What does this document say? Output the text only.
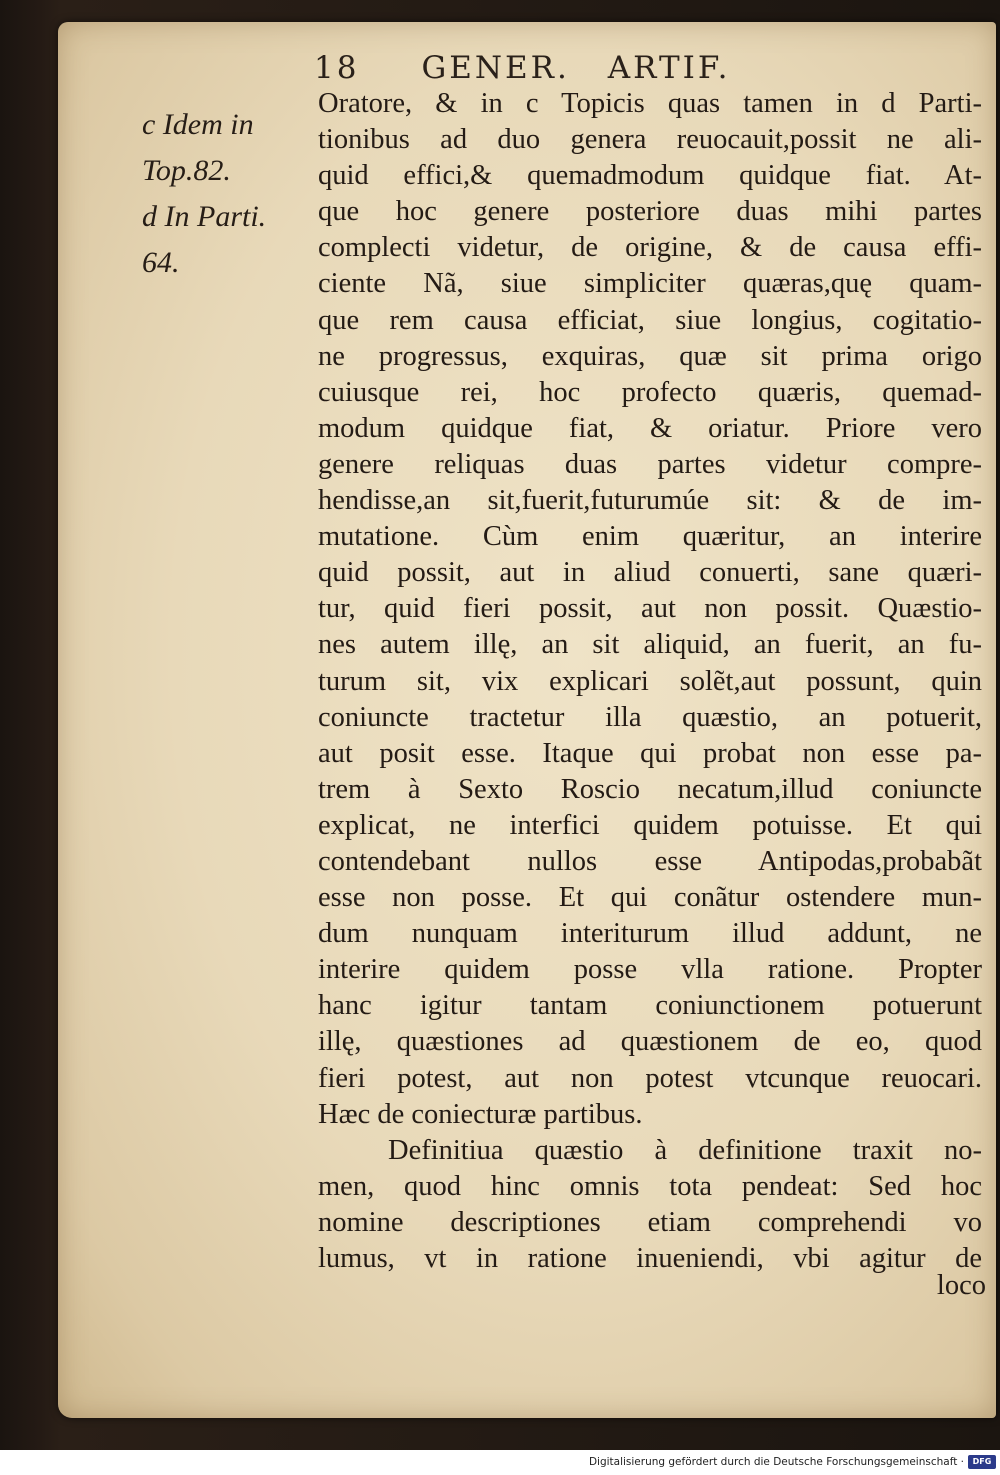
18 GENER. ARTIF.
c Idem in
Top.82.
d In Parti.
64.
Oratore, & in c Topicis quas tamen in d Parti-
tionibus ad duo genera reuocauit,possit ne ali-
quid effici,& quemadmodum quidque fiat. At-
que hoc genere posteriore duas mihi partes
complecti videtur, de origine, & de causa effi-
ciente Nã, siue simpliciter quæras,quę quam-
que rem causa efficiat, siue longius, cogitatio-
ne progressus, exquiras, quæ sit prima origo
cuiusque rei, hoc profecto quæris, quemad-
modum quidque fiat, & oriatur. Priore vero
genere reliquas duas partes videtur compre-
hendisse,an sit,fuerit,futurumúe sit: & de im-
mutatione. Cùm enim quæritur, an interire
quid possit, aut in aliud conuerti, sane quæri-
tur, quid fieri possit, aut non possit. Quæstio-
nes autem illę, an sit aliquid, an fuerit, an fu-
turum sit, vix explicari solẽt,aut possunt, quin
coniuncte tractetur illa quæstio, an potuerit,
aut posit esse. Itaque qui probat non esse pa-
trem à Sexto Roscio necatum,illud coniuncte
explicat, ne interfici quidem potuisse. Et qui
contendebant nullos esse Antipodas,probabãt
esse non posse. Et qui conãtur ostendere mun-
dum nunquam interiturum illud addunt, ne
interire quidem posse vlla ratione. Propter
hanc igitur tantam coniunctionem potuerunt
illę, quæstiones ad quæstionem de eo, quod
fieri potest, aut non potest vtcunque reuocari.
Hæc de coniecturæ partibus.
Definitiua quæstio à definitione traxit no-
men, quod hinc omnis tota pendeat: Sed hoc
nomine descriptiones etiam comprehendi vo
lumus, vt in ratione inueniendi, vbi agitur de
loco
Digitalisierung gefördert durch die Deutsche Forschungsgemeinschaft ·	DFG
